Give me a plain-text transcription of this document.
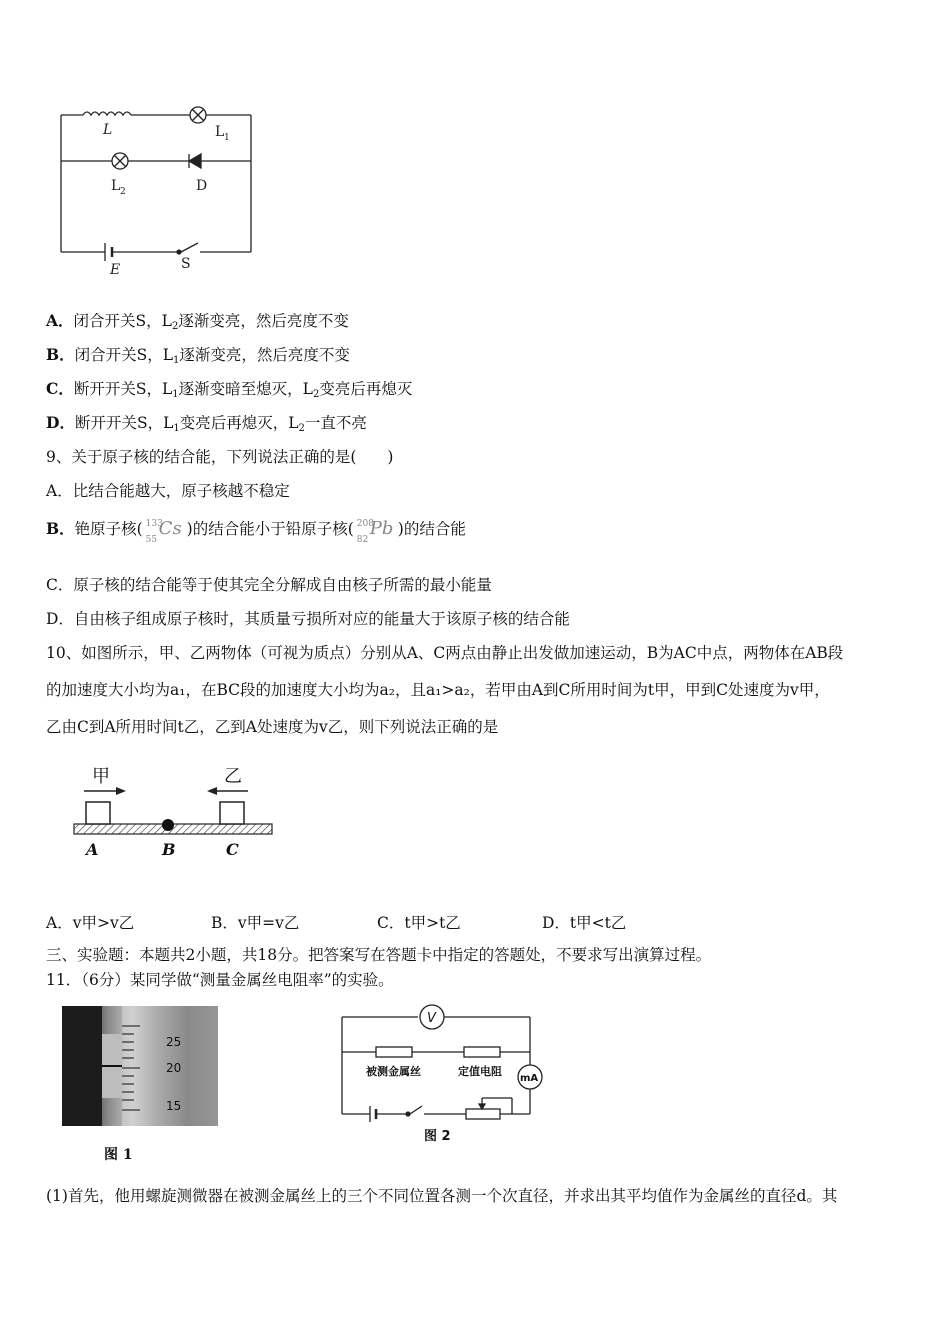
L	L 1
L 2	D
E	S
A．闭合开关S，$L_2$逐渐变亮，然后亮度不变
B．闭合开关S，$L_1$逐渐变亮，然后亮度不变
C．断开开关S，$L_1$逐渐变暗至熄灭，$L_2$变亮后再熄灭
D．断开开关S，$L_1$变亮后再熄灭，$L_2$一直不亮
9、关于原子核的结合能，下列说法正确的是(　　)
A．比结合能越大，原子核越不稳定
B．铯原子核( 133
55
Cs )的结合能小于铅原子核( 208
82
Pb )的结合能
C．原子核的结合能等于使其完全分解成自由核子所需的最小能量
D．自由核子组成原子核时，其质量亏损所对应的能量大于该原子核的结合能
10、如图所示，甲、乙两物体（可视为质点）分别从A、C两点由静止出发做加速运动，B为AC中点，两物体在AB段
的加速度大小均为a₁，在BC段的加速度大小均为a₂，且a₁>a₂，若甲由A到C所用时间为t甲，甲到C处速度为v甲，
乙由C到A所用时间t乙，乙到A处速度为v乙，则下列说法正确的是
甲	乙
A	B	C
A．v甲>v乙	B．v甲=v乙	C．t甲>t乙	D．t甲<t乙
三、实验题：本题共2小题，共18分。把答案写在答题卡中指定的答题处，不要求写出演算过程。
11．（6分）某同学做“测量金属丝电阻率”的实验。
25
20
15
图 1
V
mA
被测金属丝	定值电阻
图 2
(1)首先，他用螺旋测微器在被测金属丝上的三个不同位置各测一个次直径，并求出其平均值作为金属丝的直径d。其
